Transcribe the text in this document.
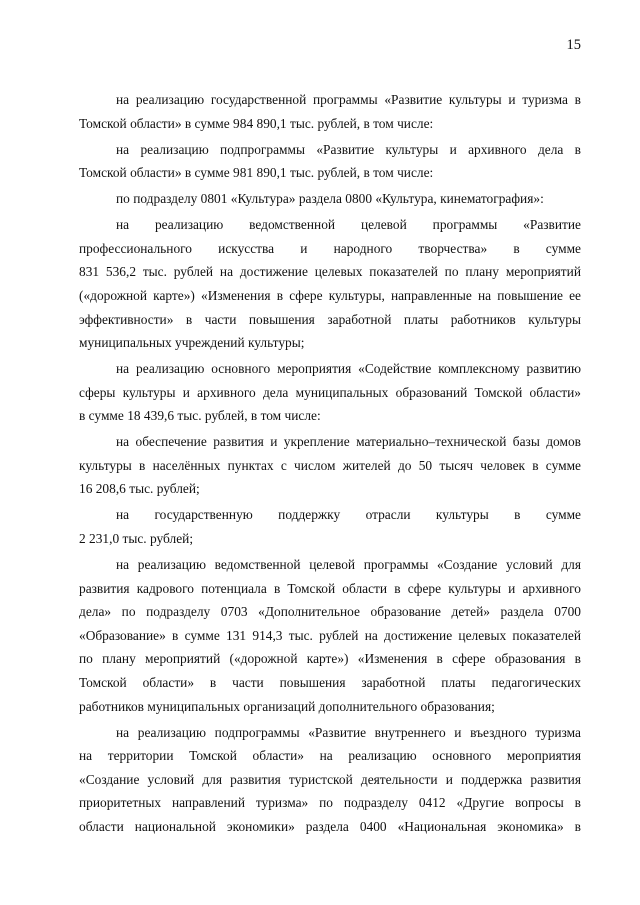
15
на реализацию государственной программы «Развитие культуры и туризма в
Томской области» в сумме 984 890,1 тыс. рублей, в том числе:
на реализацию подпрограммы «Развитие культуры и архивного дела в
Томской области» в сумме 981 890,1 тыс. рублей, в том числе:
по подразделу 0801 «Культура» раздела 0800 «Культура, кинематография»:
на реализацию ведомственной целевой программы «Развитие
профессионального искусства и народного творчества» в сумме
831 536,2 тыс. рублей на достижение целевых показателей по плану мероприятий
(«дорожной карте») «Изменения в сфере культуры, направленные на повышение ее
эффективности» в части повышения заработной платы работников культуры
муниципальных учреждений культуры;
на реализацию основного мероприятия «Содействие комплексному развитию
сферы культуры и архивного дела муниципальных образований Томской области»
в сумме 18 439,6 тыс. рублей, в том числе:
на обеспечение развития и укрепление материально–технической базы домов
культуры в населённых пунктах с числом жителей до 50 тысяч человек в сумме
16 208,6 тыс. рублей;
на государственную поддержку отрасли культуры в сумме
2 231,0 тыс. рублей;
на реализацию ведомственной целевой программы «Создание условий для
развития кадрового потенциала в Томской области в сфере культуры и архивного
дела» по подразделу 0703 «Дополнительное образование детей» раздела 0700
«Образование» в сумме 131 914,3 тыс. рублей на достижение целевых показателей
по плану мероприятий («дорожной карте») «Изменения в сфере образования в
Томской области» в части повышения заработной платы педагогических
работников муниципальных организаций дополнительного образования;
на реализацию подпрограммы «Развитие внутреннего и въездного туризма
на территории Томской области» на реализацию основного мероприятия
«Создание условий для развития туристской деятельности и поддержка развития
приоритетных направлений туризма» по подразделу 0412 «Другие вопросы в
области национальной экономики» раздела 0400 «Национальная экономика» в
